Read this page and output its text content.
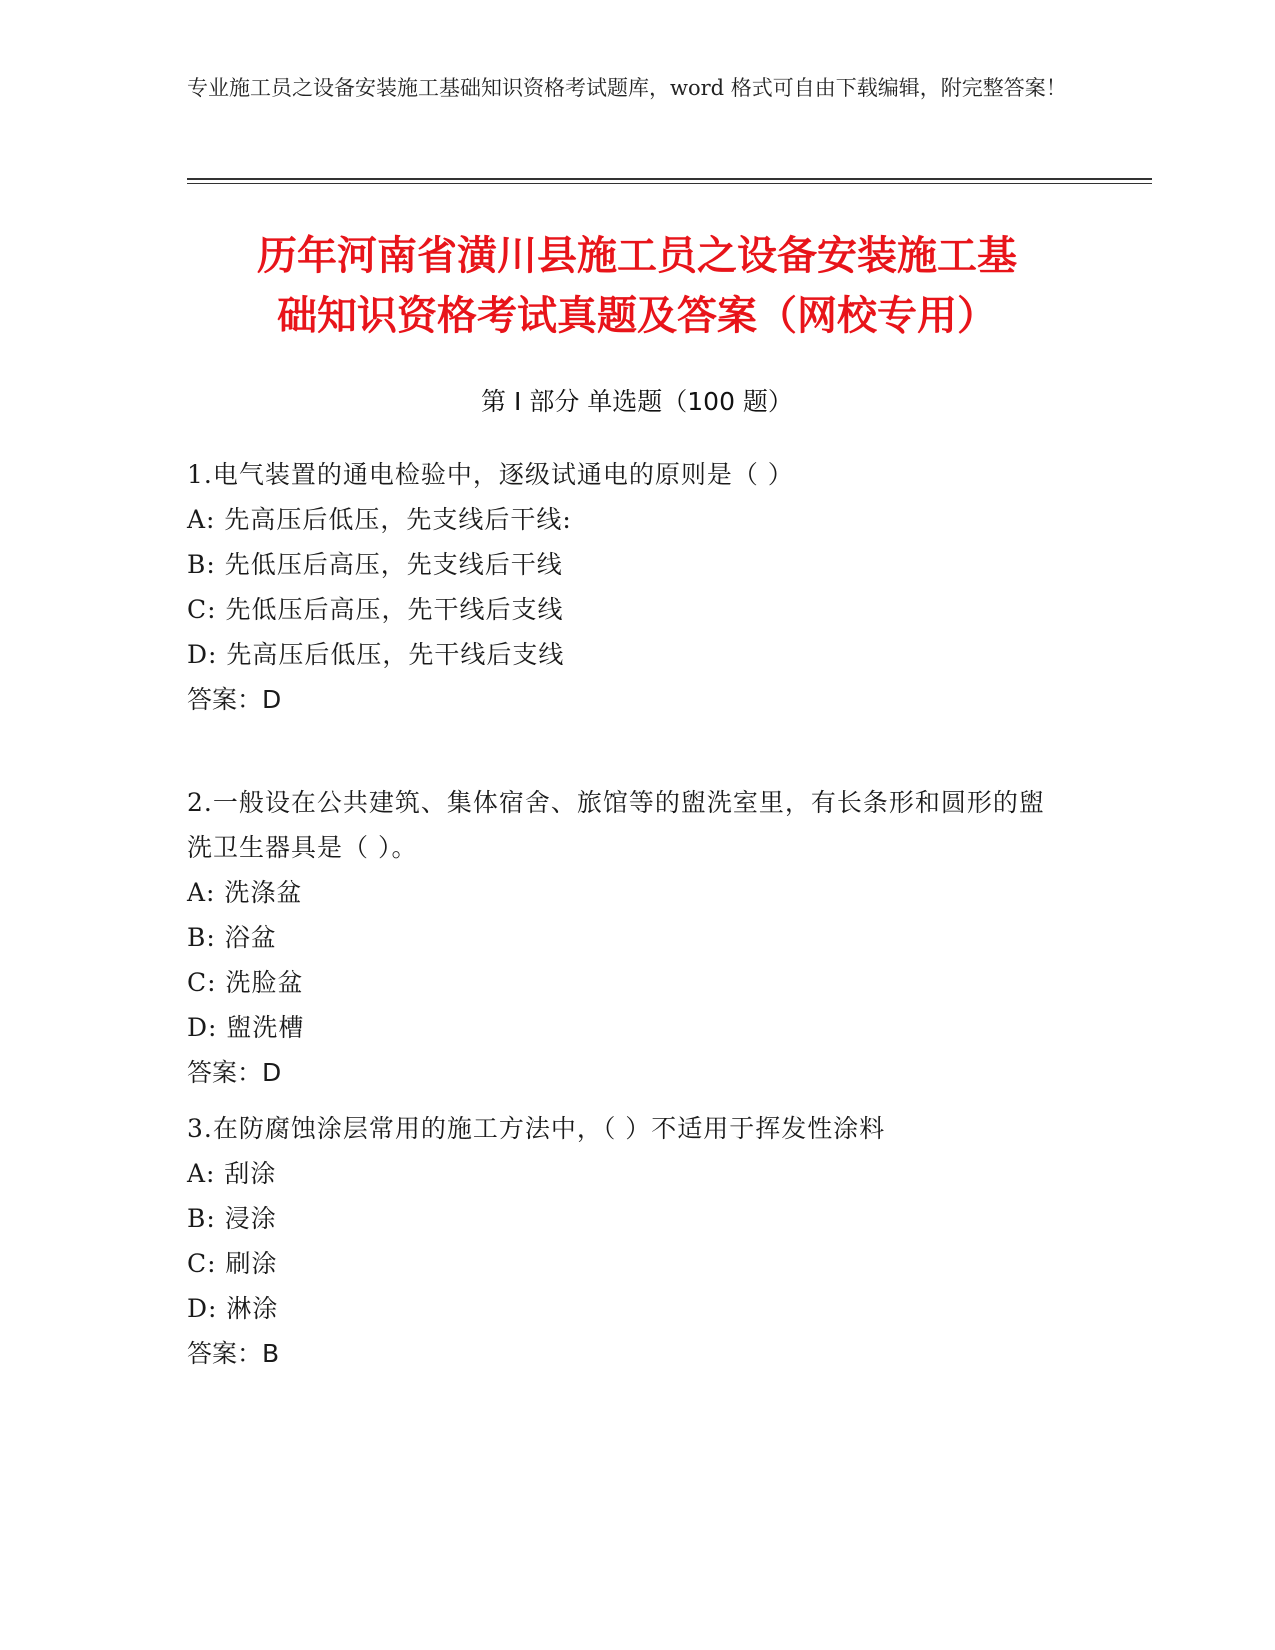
专业施工员之设备安装施工基础知识资格考试题库，word 格式可自由下载编辑，附完整答案！
历年河南省潢川县施工员之设备安装施工基
础知识资格考试真题及答案（网校专用）
第 I 部分 单选题（100 题）
1.电气装置的通电检验中，逐级试通电的原则是（ ）
A: 先高压后低压，先支线后干线:
B: 先低压后高压，先支线后干线
C: 先低压后高压，先干线后支线
D: 先高压后低压，先干线后支线
答案：D
2.一般设在公共建筑、集体宿舍、旅馆等的盥洗室里，有长条形和圆形的盥洗卫生器具是（ ）。
A: 洗涤盆
B: 浴盆
C: 洗脸盆
D: 盥洗槽
答案：D
3.在防腐蚀涂层常用的施工方法中，（ ）不适用于挥发性涂料
A: 刮涂
B: 浸涂
C: 刷涂
D: 淋涂
答案：B
